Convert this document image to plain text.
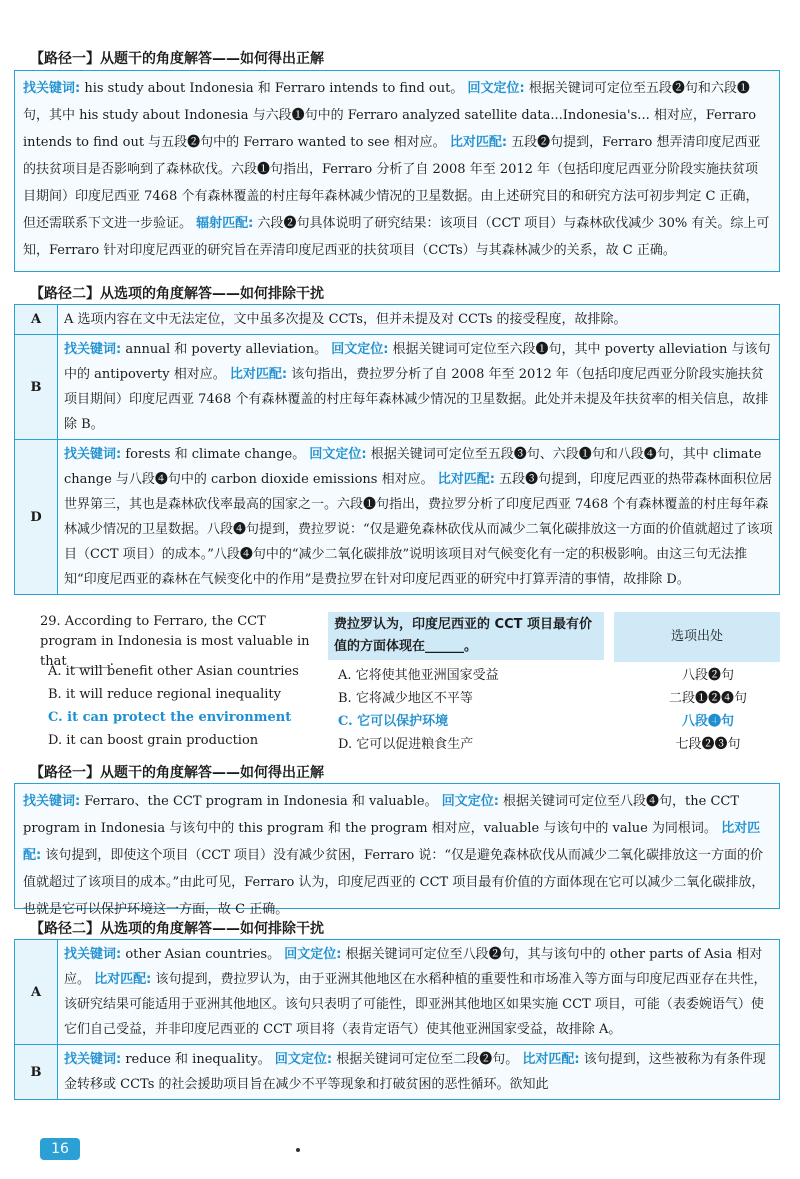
【路径一】从题干的角度解答——如何得出正解
找关键词: his study about Indonesia 和 Ferraro intends to find out。 回文定位: 根据关键词可定位至五段❷句和六段❶句，其中 his study about Indonesia 与六段❶句中的 Ferraro analyzed satellite data...Indonesia's... 相对应，Ferraro intends to find out 与五段❷句中的 Ferraro wanted to see 相对应。 比对匹配: 五段❷句提到，Ferraro 想弄清印度尼西亚的扶贫项目是否影响到了森林砍伐。六段❶句指出，Ferraro 分析了自 2008 年至 2012 年（包括印度尼西亚分阶段实施扶贫项目期间）印度尼西亚 7468 个有森林覆盖的村庄每年森林减少情况的卫星数据。由上述研究目的和研究方法可初步判定 C 正确，但还需联系下文进一步验证。 辐射匹配: 六段❷句具体说明了研究结果：该项目（CCT 项目）与森林砍伐减少 30% 有关。综上可知，Ferraro 针对印度尼西亚的研究旨在弄清印度尼西亚的扶贫项目（CCTs）与其森林减少的关系，故 C 正确。
【路径二】从选项的角度解答——如何排除干扰
A	A 选项内容在文中无法定位，文中虽多次提及 CCTs，但并未提及对 CCTs 的接受程度，故排除。
B	找关键词: annual 和 poverty alleviation。 回文定位: 根据关键词可定位至六段❶句，其中 poverty alleviation 与该句中的 antipoverty 相对应。 比对匹配: 该句指出，费拉罗分析了自 2008 年至 2012 年（包括印度尼西亚分阶段实施扶贫项目期间）印度尼西亚 7468 个有森林覆盖的村庄每年森林减少情况的卫星数据。此处并未提及年扶贫率的相关信息，故排除 B。
D	找关键词: forests 和 climate change。 回文定位: 根据关键词可定位至五段❸句、六段❶句和八段❹句，其中 climate change 与八段❹句中的 carbon dioxide emissions 相对应。 比对匹配: 五段❸句提到，印度尼西亚的热带森林面积位居世界第三，其也是森林砍伐率最高的国家之一。六段❶句指出，费拉罗分析了印度尼西亚 7468 个有森林覆盖的村庄每年森林减少情况的卫星数据。八段❹句提到，费拉罗说：“仅是避免森林砍伐从而减少二氧化碳排放这一方面的价值就超过了该项目（CCT 项目）的成本。”八段❹句中的“减少二氧化碳排放”说明该项目对气候变化有一定的积极影响。由这三句无法推知“印度尼西亚的森林在气候变化中的作用”是费拉罗在针对印度尼西亚的研究中打算弄清的事情，故排除 D。
29. According to Ferraro, the CCT program in Indonesia is most valuable in that ______.
费拉罗认为，印度尼西亚的 CCT 项目最有价值的方面体现在______。
选项出处
A. it will benefit other Asian countries	A. 它将使其他亚洲国家受益	八段❷句
B. it will reduce regional inequality	B. 它将减少地区不平等	二段❶❷❹句
C. it can protect the environment	C. 它可以保护环境	八段❹句
D. it can boost grain production	D. 它可以促进粮食生产	七段❷❸句
【路径一】从题干的角度解答——如何得出正解
找关键词: Ferraro、the CCT program in Indonesia 和 valuable。 回文定位: 根据关键词可定位至八段❹句，the CCT program in Indonesia 与该句中的 this program 和 the program 相对应，valuable 与该句中的 value 为同根词。 比对匹配: 该句提到，即使这个项目（CCT 项目）没有减少贫困，Ferraro 说：“仅是避免森林砍伐从而减少二氧化碳排放这一方面的价值就超过了该项目的成本。”由此可见，Ferraro 认为，印度尼西亚的 CCT 项目最有价值的方面体现在它可以减少二氧化碳排放，也就是它可以保护环境这一方面，故 C 正确。
【路径二】从选项的角度解答——如何排除干扰
A	找关键词: other Asian countries。 回文定位: 根据关键词可定位至八段❷句，其与该句中的 other parts of Asia 相对应。 比对匹配: 该句提到，费拉罗认为，由于亚洲其他地区在水稻种植的重要性和市场准入等方面与印度尼西亚存在共性，该研究结果可能适用于亚洲其他地区。该句只表明了可能性，即亚洲其他地区如果实施 CCT 项目，可能（表委婉语气）使它们自己受益，并非印度尼西亚的 CCT 项目将（表肯定语气）使其他亚洲国家受益，故排除 A。
B	找关键词: reduce 和 inequality。 回文定位: 根据关键词可定位至二段❷句。 比对匹配: 该句提到，这些被称为有条件现金转移或 CCTs 的社会援助项目旨在减少不平等现象和打破贫困的恶性循环。欲知此
16
